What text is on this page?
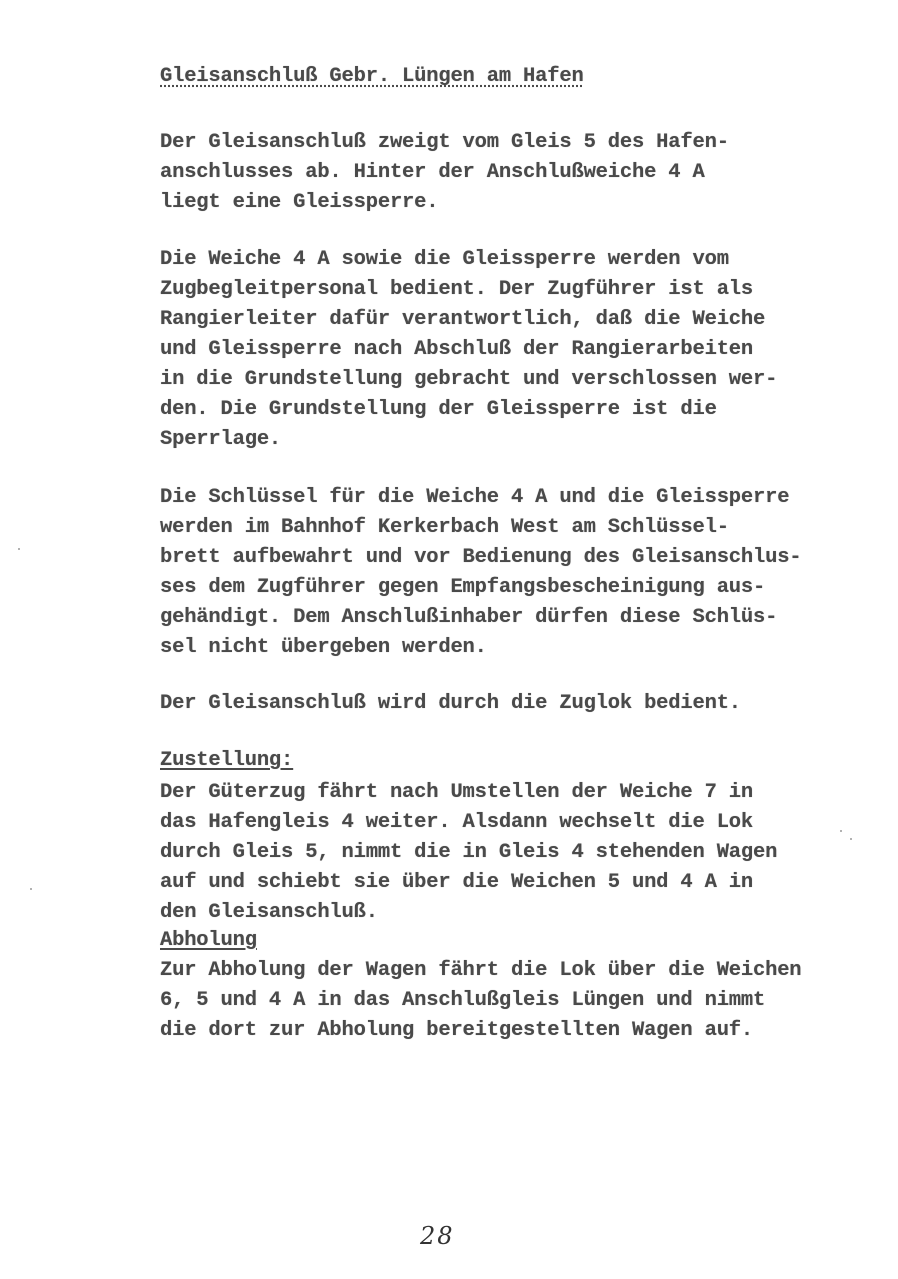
Gleisanschluß Gebr. Lüngen am Hafen

Der Gleisanschluß zweigt vom Gleis 5 des Hafen-
anschlusses ab. Hinter der Anschlußweiche 4 A
liegt eine Gleissperre.

Die Weiche 4 A sowie die Gleissperre werden vom
Zugbegleitpersonal bedient. Der Zugführer ist als
Rangierleiter dafür verantwortlich, daß die Weiche
und Gleissperre nach Abschluß der Rangierarbeiten
in die Grundstellung gebracht und verschlossen wer-
den. Die Grundstellung der Gleissperre ist die
Sperrlage.

Die Schlüssel für die Weiche 4 A und die Gleissperre
werden im Bahnhof Kerkerbach West am Schlüssel-
brett aufbewahrt und vor Bedienung des Gleisanschlus-
ses dem Zugführer gegen Empfangsbescheinigung aus-
gehändigt. Dem Anschlußinhaber dürfen diese Schlüs-
sel nicht übergeben werden.

Der Gleisanschluß wird durch die Zuglok bedient.

Zustellung:

Der Güterzug fährt nach Umstellen der Weiche 7 in
das Hafengleis 4 weiter. Alsdann wechselt die Lok
durch Gleis 5, nimmt die in Gleis 4 stehenden Wagen
auf und schiebt sie über die Weichen 5 und 4 A in
den Gleisanschluß.

Abholung

Zur Abholung der Wagen fährt die Lok über die Weichen
6, 5 und 4 A in das Anschlußgleis Lüngen und nimmt
die dort zur Abholung bereitgestellten Wagen auf.

28
